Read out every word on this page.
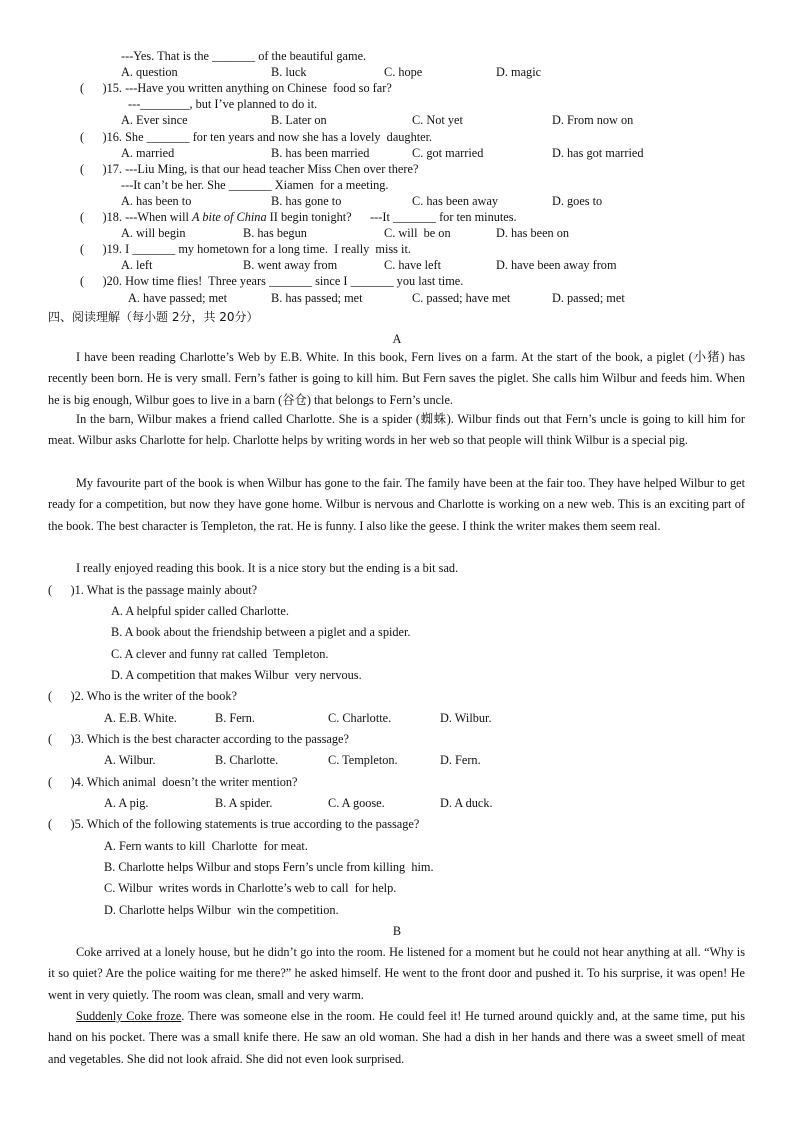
---Yes. That is the _______ of the beautiful game.
A. question	B. luck	C. hope	D. magic
(      )15. ---Have you written anything on Chinese  food so far?
---________, but I’ve planned to do it.
A. Ever since	B. Later on	C. Not yet	D. From now on
(      )16. She _______ for ten years and now she has a lovely  daughter.
A. married	B. has been married	C. got married	D. has got married
(      )17. ---Liu Ming, is that our head teacher Miss Chen over there?
---It can’t be her. She _______ Xiamen  for a meeting.
A. has been to	B. has gone to	C. has been away	D. goes to
(      )18. ---When will A bite of China II begin tonight?      ---It _______ for ten minutes.
A. will begin	B. has begun	C. will  be on	D. has been on
(      )19. I _______ my hometown for a long time.  I really  miss it.
A. left	B. went away from	C. have left	D. have been away from
(      )20. How time flies!  Three years _______ since I _______ you last time.
A. have passed; met	B. has passed; met	C. passed; have met	D. passed; met
四、阅读理解（每小题 2分，共 20分）
A

I have been reading Charlotte’s Web by E.B. White. In this book, Fern lives on a farm. At the start of the book, a piglet (小猪) has recently been born. He is very small. Fern’s father is going to kill him. But Fern saves the piglet. She calls him Wilbur and feeds him. When he is big enough, Wilbur goes to live in a barn (谷仓) that belongs to Fern’s uncle.

In the barn, Wilbur makes a friend called Charlotte. She is a spider (蜘蛛). Wilbur finds out that Fern’s uncle is going to kill him for meat. Wilbur asks Charlotte for help. Charlotte helps by writing words in her web so that people will think Wilbur is a special pig.

My favourite part of the book is when Wilbur has gone to the fair. The family have been at the fair too. They have helped Wilbur to get ready for a competition, but now they have gone home. Wilbur is nervous and Charlotte is working on a new web. This is an exciting part of the book. The best character is Templeton, the rat. He is funny. I also like the geese. I think the writer makes them seem real.

I really enjoyed reading this book. It is a nice story but the ending is a bit sad.

(      )1. What is the passage mainly about?
A. A helpful spider called Charlotte.
B. A book about the friendship between a piglet and a spider.
C. A clever and funny rat called  Templeton.
D. A competition that makes Wilbur  very nervous.
(      )2. Who is the writer of the book?
A. E.B. White.	B. Fern.	C. Charlotte.	D. Wilbur.
(      )3. Which is the best character according to the passage?
A. Wilbur.	B. Charlotte.	C. Templeton.	D. Fern.
(      )4. Which animal  doesn’t the writer mention?
A. A pig.	B. A spider.	C. A goose.	D. A duck.
(      )5. Which of the following statements is true according to the passage?
A. Fern wants to kill  Charlotte  for meat.
B. Charlotte helps Wilbur and stops Fern’s uncle from killing  him.
C. Wilbur  writes words in Charlotte’s web to call  for help.
D. Charlotte helps Wilbur  win the competition.
B

Coke arrived at a lonely house, but he didn’t go into the room. He listened for a moment but he could not hear anything at all. “Why is it so quiet? Are the police waiting for me there?” he asked himself. He went to the front door and pushed it. To his surprise, it was open! He went in very quietly. The room was clean, small and very warm.

Suddenly Coke froze. There was someone else in the room. He could feel it! He turned around quickly and, at the same time, put his hand on his pocket. There was a small knife there. He saw an old woman. She had a dish in her hands and there was a sweet smell of meat and vegetables. She did not look afraid. She did not even look surprised.
